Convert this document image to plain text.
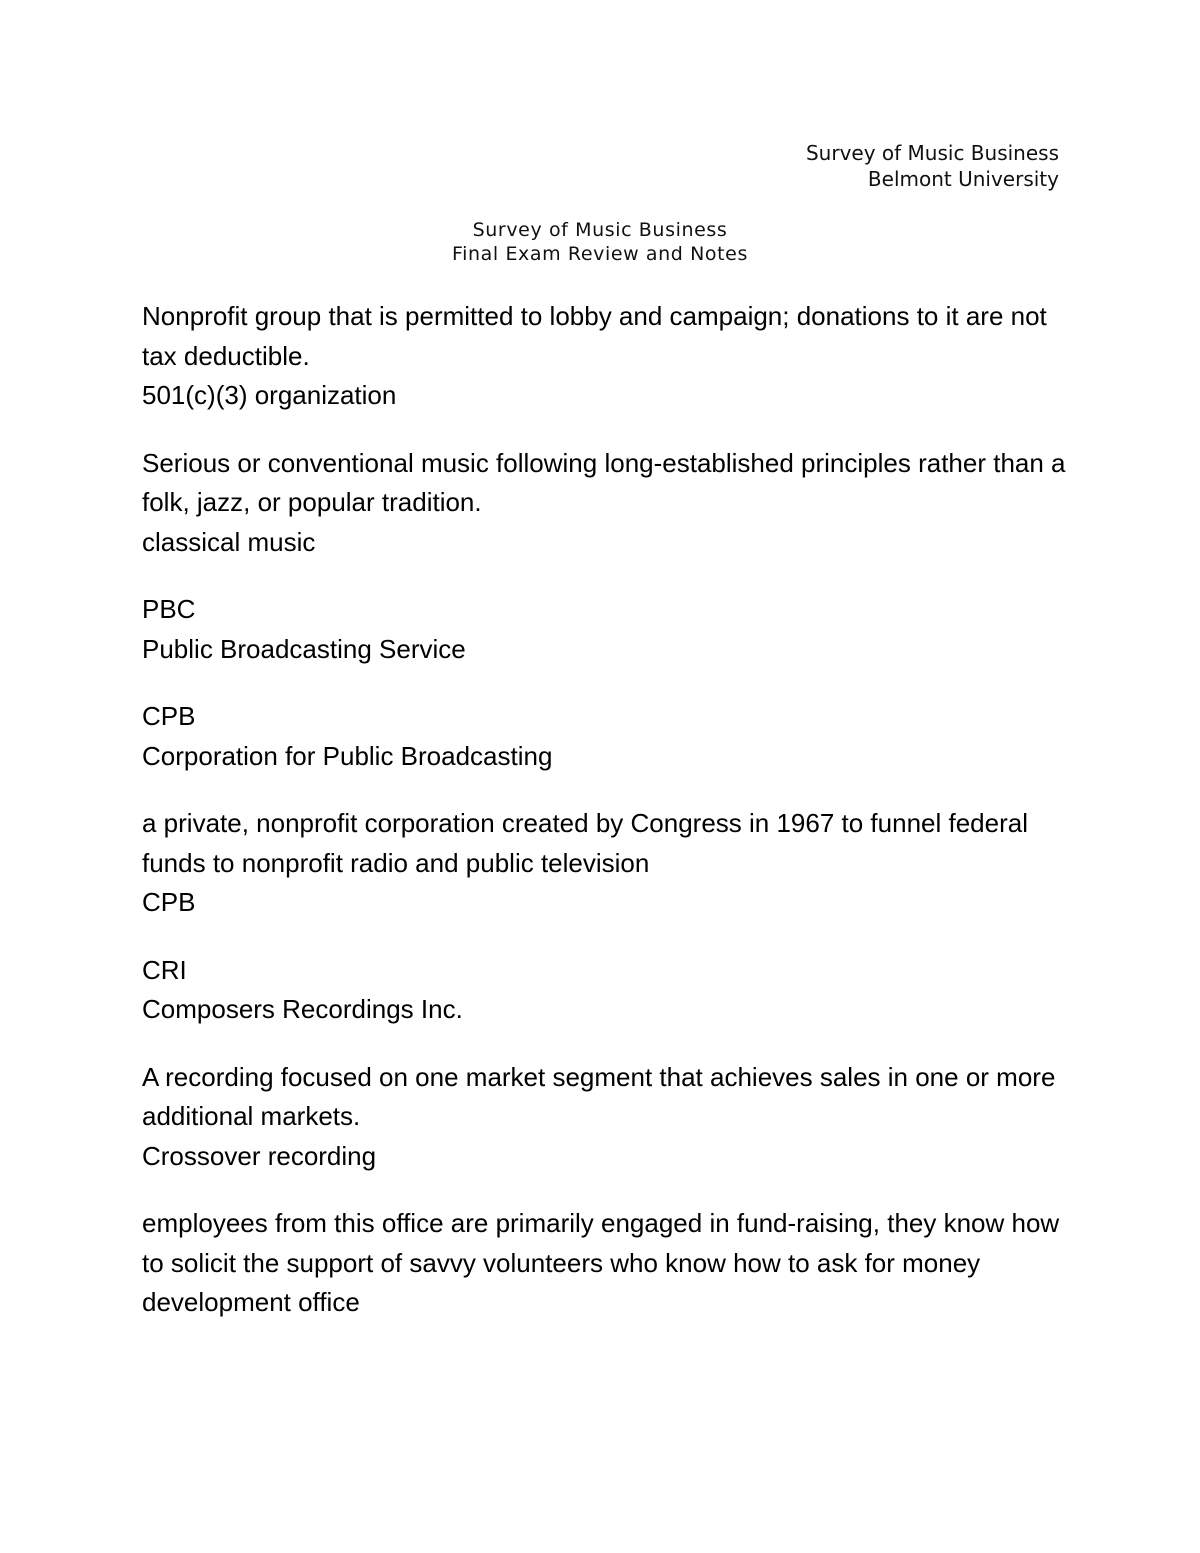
Survey of Music Business
Belmont University
Survey of Music Business
Final Exam Review and Notes
Nonprofit group that is permitted to lobby and campaign; donations to it are not tax deductible.
501(c)(3) organization
Serious or conventional music following long-established principles rather than a folk, jazz, or popular tradition.
classical music
PBC
Public Broadcasting Service
CPB
Corporation for Public Broadcasting
a private, nonprofit corporation created by Congress in 1967 to funnel federal funds to nonprofit radio and public television
CPB
CRI
Composers Recordings Inc.
A recording focused on one market segment that achieves sales in one or more additional markets.
Crossover recording
employees from this office are primarily engaged in fund-raising, they know how to solicit the support of savvy volunteers who know how to ask for money
development office
